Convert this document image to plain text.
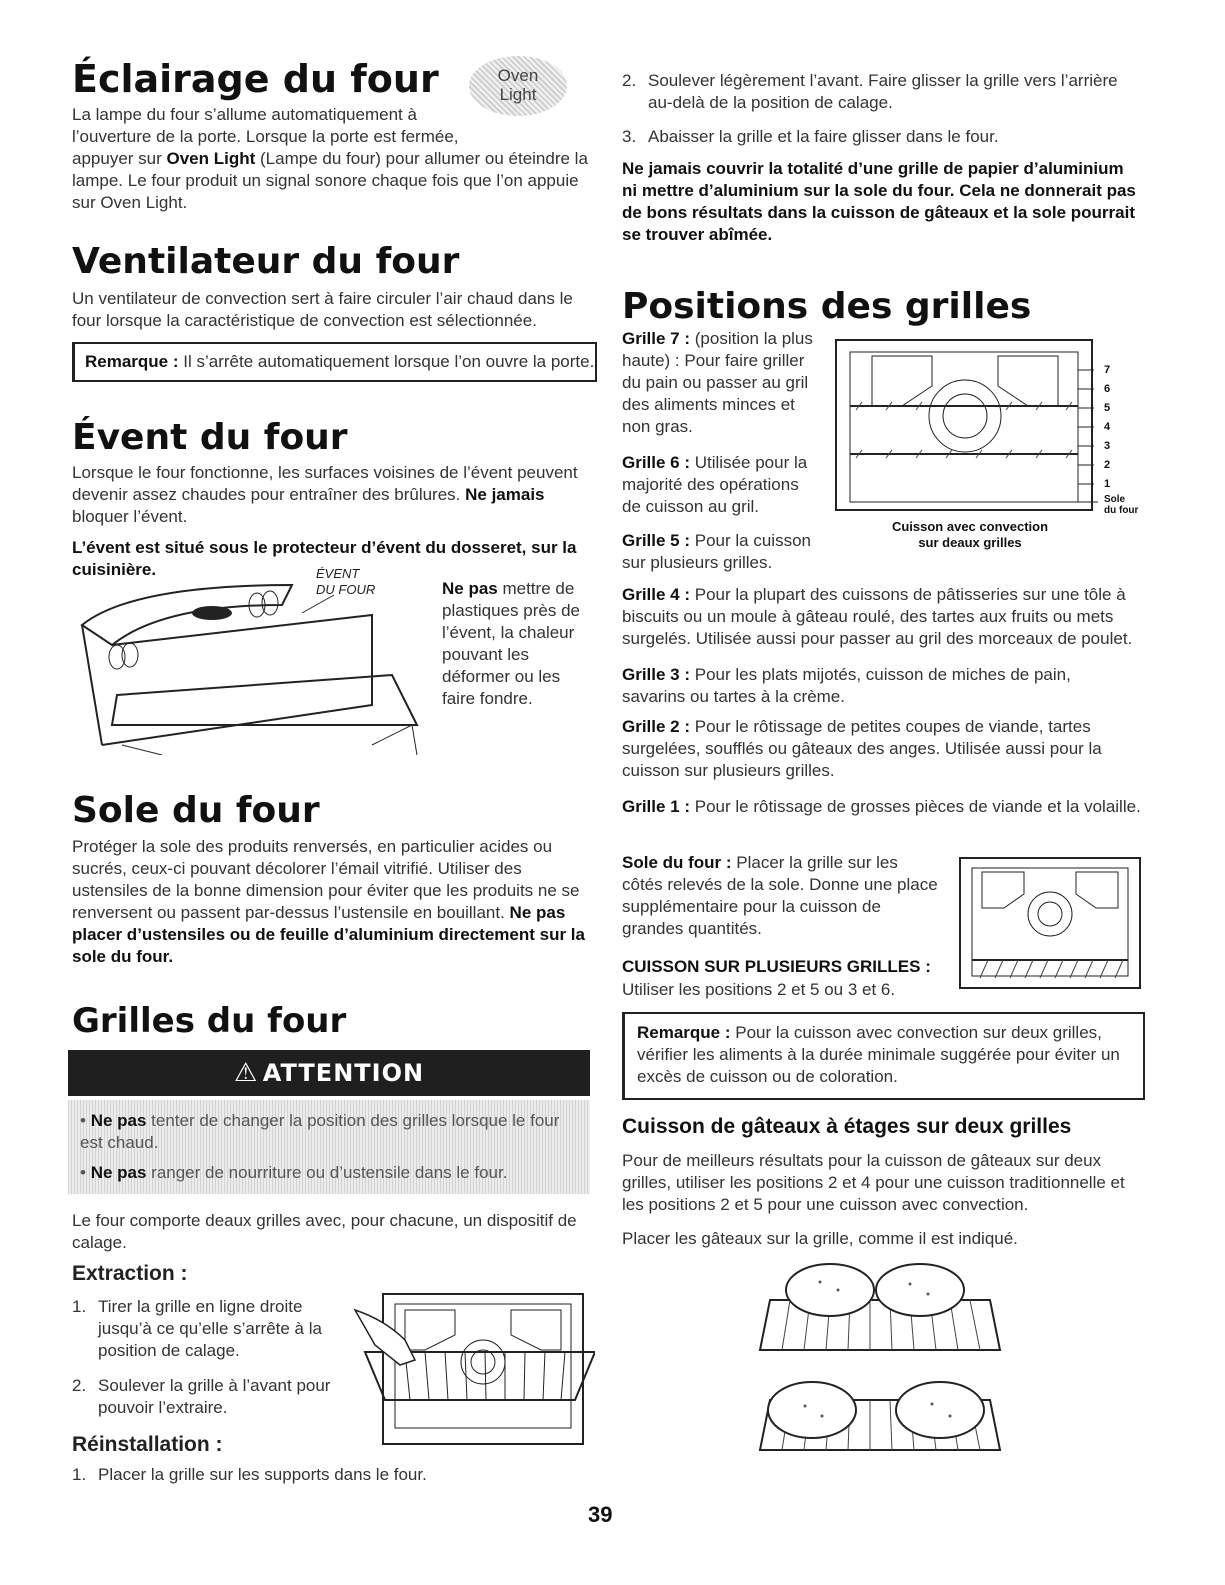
Éclairage du four	Oven
Light
La lampe du four s’allume automatiquement à
l’ouverture de la porte. Lorsque la porte est fermée,

appuyer sur Oven Light (Lampe du four) pour allumer ou éteindre la lampe. Le four produit un signal sonore chaque fois que l’on appuie sur Oven Light.

Ventilateur du four

Un ventilateur de convection sert à faire circuler l’air chaud dans le four lorsque la caractéristique de convection est sélectionnée.

Remarque : Il s’arrête automatiquement lorsque l’on ouvre la porte.

Évent du four

Lorsque le four fonctionne, les surfaces voisines de l’évent peuvent devenir assez chaudes pour entraîner des brûlures. Ne jamais bloquer l’évent.

L’évent est situé sous le protecteur d’évent du dosseret, sur la cuisinière.	ÉVENT
DU FOUR	Ne pas mettre de plastiques près de l’évent, la chaleur pouvant les déformer ou les faire fondre.

Sole du four

Protéger la sole des produits renversés, en particulier acides ou sucrés, ceux-ci pouvant décolorer l’émail vitrifié. Utiliser des ustensiles de la bonne dimension pour éviter que les produits ne se renversent ou passent par-dessus l’ustensile en bouillant. Ne pas placer d’ustensiles ou de feuille d’aluminium directement sur la sole du four.

Grilles du four
⚠ ATTENTION

• Ne pas tenter de changer la position des grilles lorsque le four est chaud.

• Ne pas ranger de nourriture ou d’ustensile dans le four.

Le four comporte deaux grilles avec, pour chacune, un dispositif de calage.

Extraction :
1. Tirer la grille en ligne droite jusqu’à ce qu’elle s’arrête à la position de calage.
2. Soulever la grille à l’avant pour pouvoir l’extraire.
Réinstallation :
1. Placer la grille sur les supports dans le four.
2. Soulever légèrement l’avant. Faire glisser la grille vers l’arrière au-delà de la position de calage.
3. Abaisser la grille et la faire glisser dans le four.

Ne jamais couvrir la totalité d’une grille de papier d’aluminium ni mettre d’aluminium sur la sole du four. Cela ne donnerait pas de bons résultats dans la cuisson de gâteaux et la sole pourrait se trouver abîmée.

Positions des grilles

Grille 7 : (position la plus haute) : Pour faire griller du pain ou passer au gril des aliments minces et non gras.

Grille 6 : Utilisée pour la majorité des opérations de cuisson au gril.

Grille 5 : Pour la cuisson sur plusieurs grilles.

7
6
5
4
3
2
1
Sole
du four
Cuisson avec convection
sur deaux grilles

Grille 4 : Pour la plupart des cuissons de pâtisseries sur une tôle à biscuits ou un moule à gâteau roulé, des tartes aux fruits ou mets surgelés. Utilisée aussi pour passer au gril des morceaux de poulet.

Grille 3 : Pour les plats mijotés, cuisson de miches de pain, savarins ou tartes à la crème.

Grille 2 : Pour le rôtissage de petites coupes de viande, tartes surgelées, soufflés ou gâteaux des anges. Utilisée aussi pour la cuisson sur plusieurs grilles.

Grille 1 : Pour le rôtissage de grosses pièces de viande et la volaille.

Sole du four : Placer la grille sur les côtés relevés de la sole. Donne une place supplémentaire pour la cuisson de grandes quantités.

CUISSON SUR PLUSIEURS GRILLES :
Utiliser les positions 2 et 5 ou 3 et 6.

Remarque : Pour la cuisson avec convection sur deux grilles, vérifier les aliments à la durée minimale suggérée pour éviter un excès de cuisson ou de coloration.

Cuisson de gâteaux à étages sur deux grilles

Pour de meilleurs résultats pour la cuisson de gâteaux sur deux grilles, utiliser les positions 2 et 4 pour une cuisson traditionnelle et les positions 2 et 5 pour une cuisson avec convection.

Placer les gâteaux sur la grille, comme il est indiqué.

39
